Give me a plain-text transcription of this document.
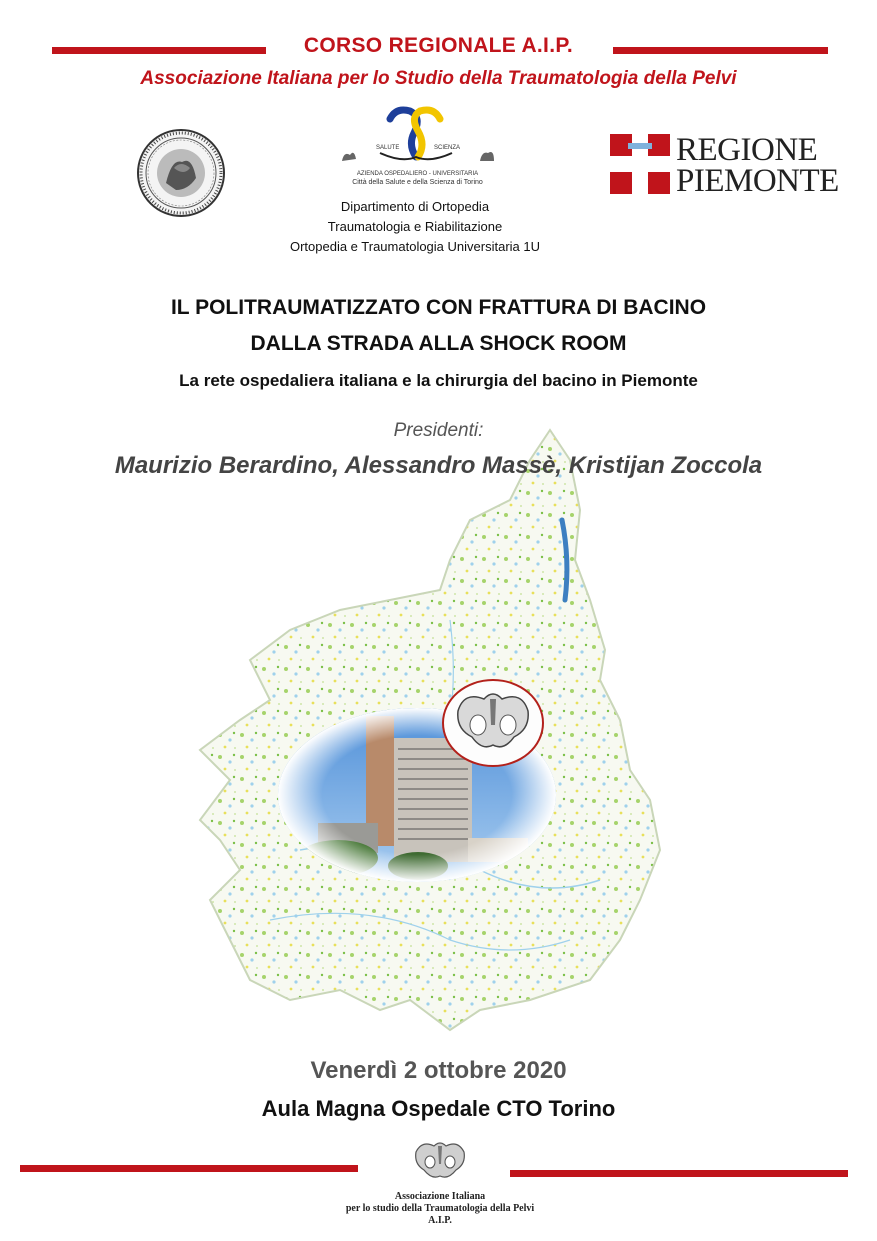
CORSO REGIONALE A.I.P.
Associazione Italiana per lo Studio della Traumatologia della Pelvi
SALUTE	SCIENZA
AZIENDA OSPEDALIERO - UNIVERSITARIA
Città della Salute e della Scienza di Torino
REGIONE
PIEMONTE
Dipartimento di Ortopedia
Traumatologia e Riabilitazione
Ortopedia e Traumatologia Universitaria 1U
IL POLITRAUMATIZZATO CON FRATTURA DI BACINO
DALLA STRADA ALLA SHOCK ROOM
La rete ospedaliera italiana e la chirurgia del bacino in Piemonte
Presidenti:
Maurizio Berardino, Alessandro Massè, Kristijan Zoccola
Venerdì 2 ottobre 2020
Aula Magna Ospedale CTO Torino
Associazione Italiana
per lo studio della Traumatologia della Pelvi
A.I.P.
